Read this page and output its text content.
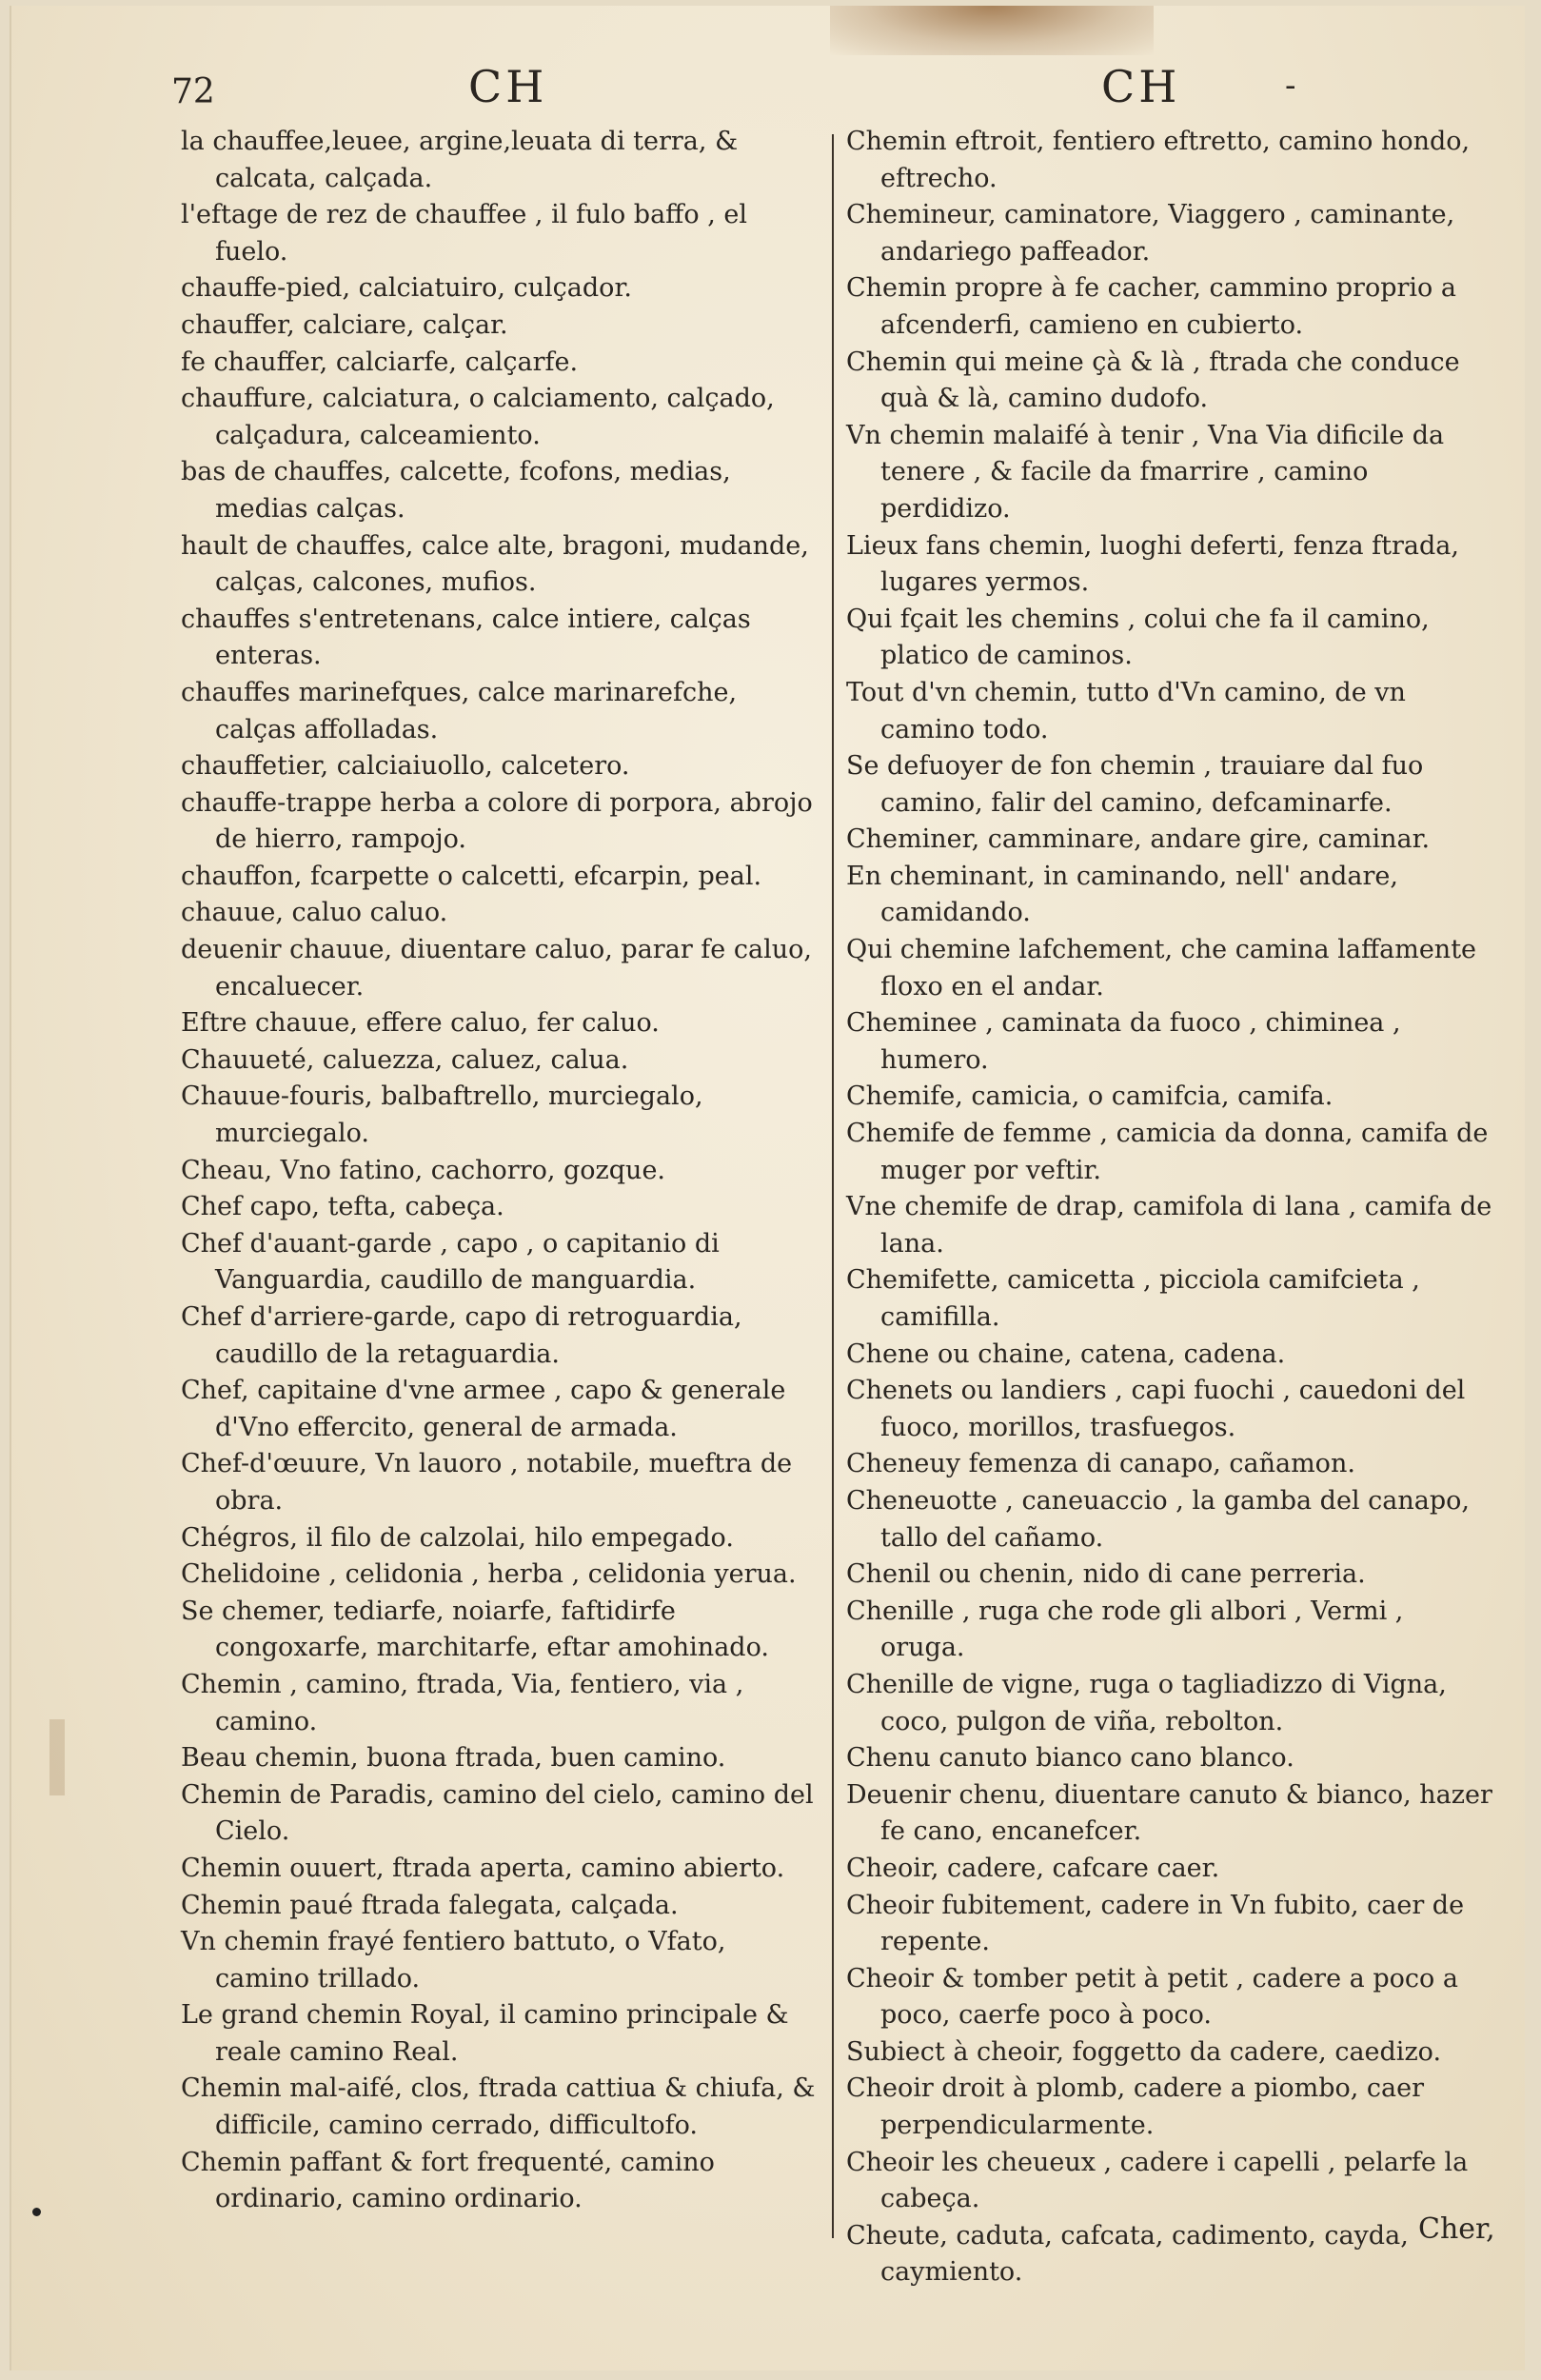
72	CH	CH	-

la chauffee,leuee, argine,leuata di terra, & calcata, calçada.

l'eftage de rez de chauffee , il fulo baffo , el fuelo.

chauffe-pied, calciatuiro, culçador.

chauffer, calciare, calçar.

fe chauffer, calciarfe, calçarfe.

chauffure, calciatura, o calciamento, calçado, calçadura, calceamiento.

bas de chauffes, calcette, fcofons, medias, medias calças.

hault de chauffes, calce alte, bragoni, mudande, calças, calcones, mufios.

chauffes s'entretenans, calce intiere, calças enteras.

chauffes marinefques, calce marinarefche, calças affolladas.

chauffetier, calciaiuollo, calcetero.

chauffe-trappe herba a colore di porpora, abrojo de hierro, rampojo.

chauffon, fcarpette o calcetti, efcarpin, peal.

chauue, caluo caluo.

deuenir chauue, diuentare caluo, parar fe caluo, encaluecer.

Eftre chauue, effere caluo, fer caluo.

Chauueté, caluezza, caluez, calua.

Chauue-fouris, balbaftrello, murciegalo, murciegalo.

Cheau, Vno fatino, cachorro, gozque.

Chef capo, tefta, cabeça.

Chef d'auant-garde , capo , o capitanio di Vanguardia, caudillo de manguardia.

Chef d'arriere-garde, capo di retroguardia, caudillo de la retaguardia.

Chef, capitaine d'vne armee , capo & generale d'Vno effercito, general de armada.

Chef-d'œuure, Vn lauoro , notabile, mueftra de obra.

Chégros, il filo de calzolai, hilo empegado.

Chelidoine , celidonia , herba , celidonia yerua.

Se chemer, tediarfe, noiarfe, faftidirfe congoxarfe, marchitarfe, eftar amohinado.

Chemin , camino, ftrada, Via, fentiero, via , camino.

Beau chemin, buona ftrada, buen camino.

Chemin de Paradis, camino del cielo, camino del Cielo.

Chemin ouuert, ftrada aperta, camino abierto.

Chemin paué ftrada falegata, calçada.

Vn chemin frayé fentiero battuto, o Vfato, camino trillado.

Le grand chemin Royal, il camino principale & reale camino Real.

Chemin mal-aifé, clos, ftrada cattiua & chiufa, & difficile, camino cerrado, difficultofo.

Chemin paffant & fort frequenté, camino ordinario, camino ordinario.

Chemin eftroit, fentiero eftretto, camino hondo, eftrecho.

Chemineur, caminatore, Viaggero , caminante, andariego paffeador.

Chemin propre à fe cacher, cammino proprio a afcenderfi, camieno en cubierto.

Chemin qui meine çà & là , ftrada che conduce quà & là, camino dudofo.

Vn chemin malaifé à tenir , Vna Via dificile da tenere , & facile da fmarrire , camino perdidizo.

Lieux fans chemin, luoghi deferti, fenza ftrada, lugares yermos.

Qui fçait les chemins , colui che fa il camino, platico de caminos.

Tout d'vn chemin, tutto d'Vn camino, de vn camino todo.

Se defuoyer de fon chemin , trauiare dal fuo camino, falir del camino, defcaminarfe.

Cheminer, camminare, andare gire, caminar.

En cheminant, in caminando, nell' andare, camidando.

Qui chemine lafchement, che camina laffamente floxo en el andar.

Cheminee , caminata da fuoco , chiminea , humero.

Chemife, camicia, o camifcia, camifa.

Chemife de femme , camicia da donna, camifa de muger por veftir.

Vne chemife de drap, camifola di lana , camifa de lana.

Chemifette, camicetta , picciola camifcieta , camifilla.

Chene ou chaine, catena, cadena.

Chenets ou landiers , capi fuochi , cauedoni del fuoco, morillos, trasfuegos.

Cheneuy femenza di canapo, cañamon.

Cheneuotte , caneuaccio , la gamba del canapo, tallo del cañamo.

Chenil ou chenin, nido di cane perreria.

Chenille , ruga che rode gli albori , Vermi , oruga.

Chenille de vigne, ruga o tagliadizzo di Vigna, coco, pulgon de viña, rebolton.

Chenu canuto bianco cano blanco.

Deuenir chenu, diuentare canuto & bianco, hazer fe cano, encanefcer.

Cheoir, cadere, cafcare caer.

Cheoir fubitement, cadere in Vn fubito, caer de repente.

Cheoir & tomber petit à petit , cadere a poco a poco, caerfe poco à poco.

Subiect à cheoir, foggetto da cadere, caedizo.

Cheoir droit à plomb, cadere a piombo, caer perpendicularmente.

Cheoir les cheueux , cadere i capelli , pelarfe la cabeça.

Cheute, caduta, cafcata, cadimento, cayda, caymiento.

Cher,
